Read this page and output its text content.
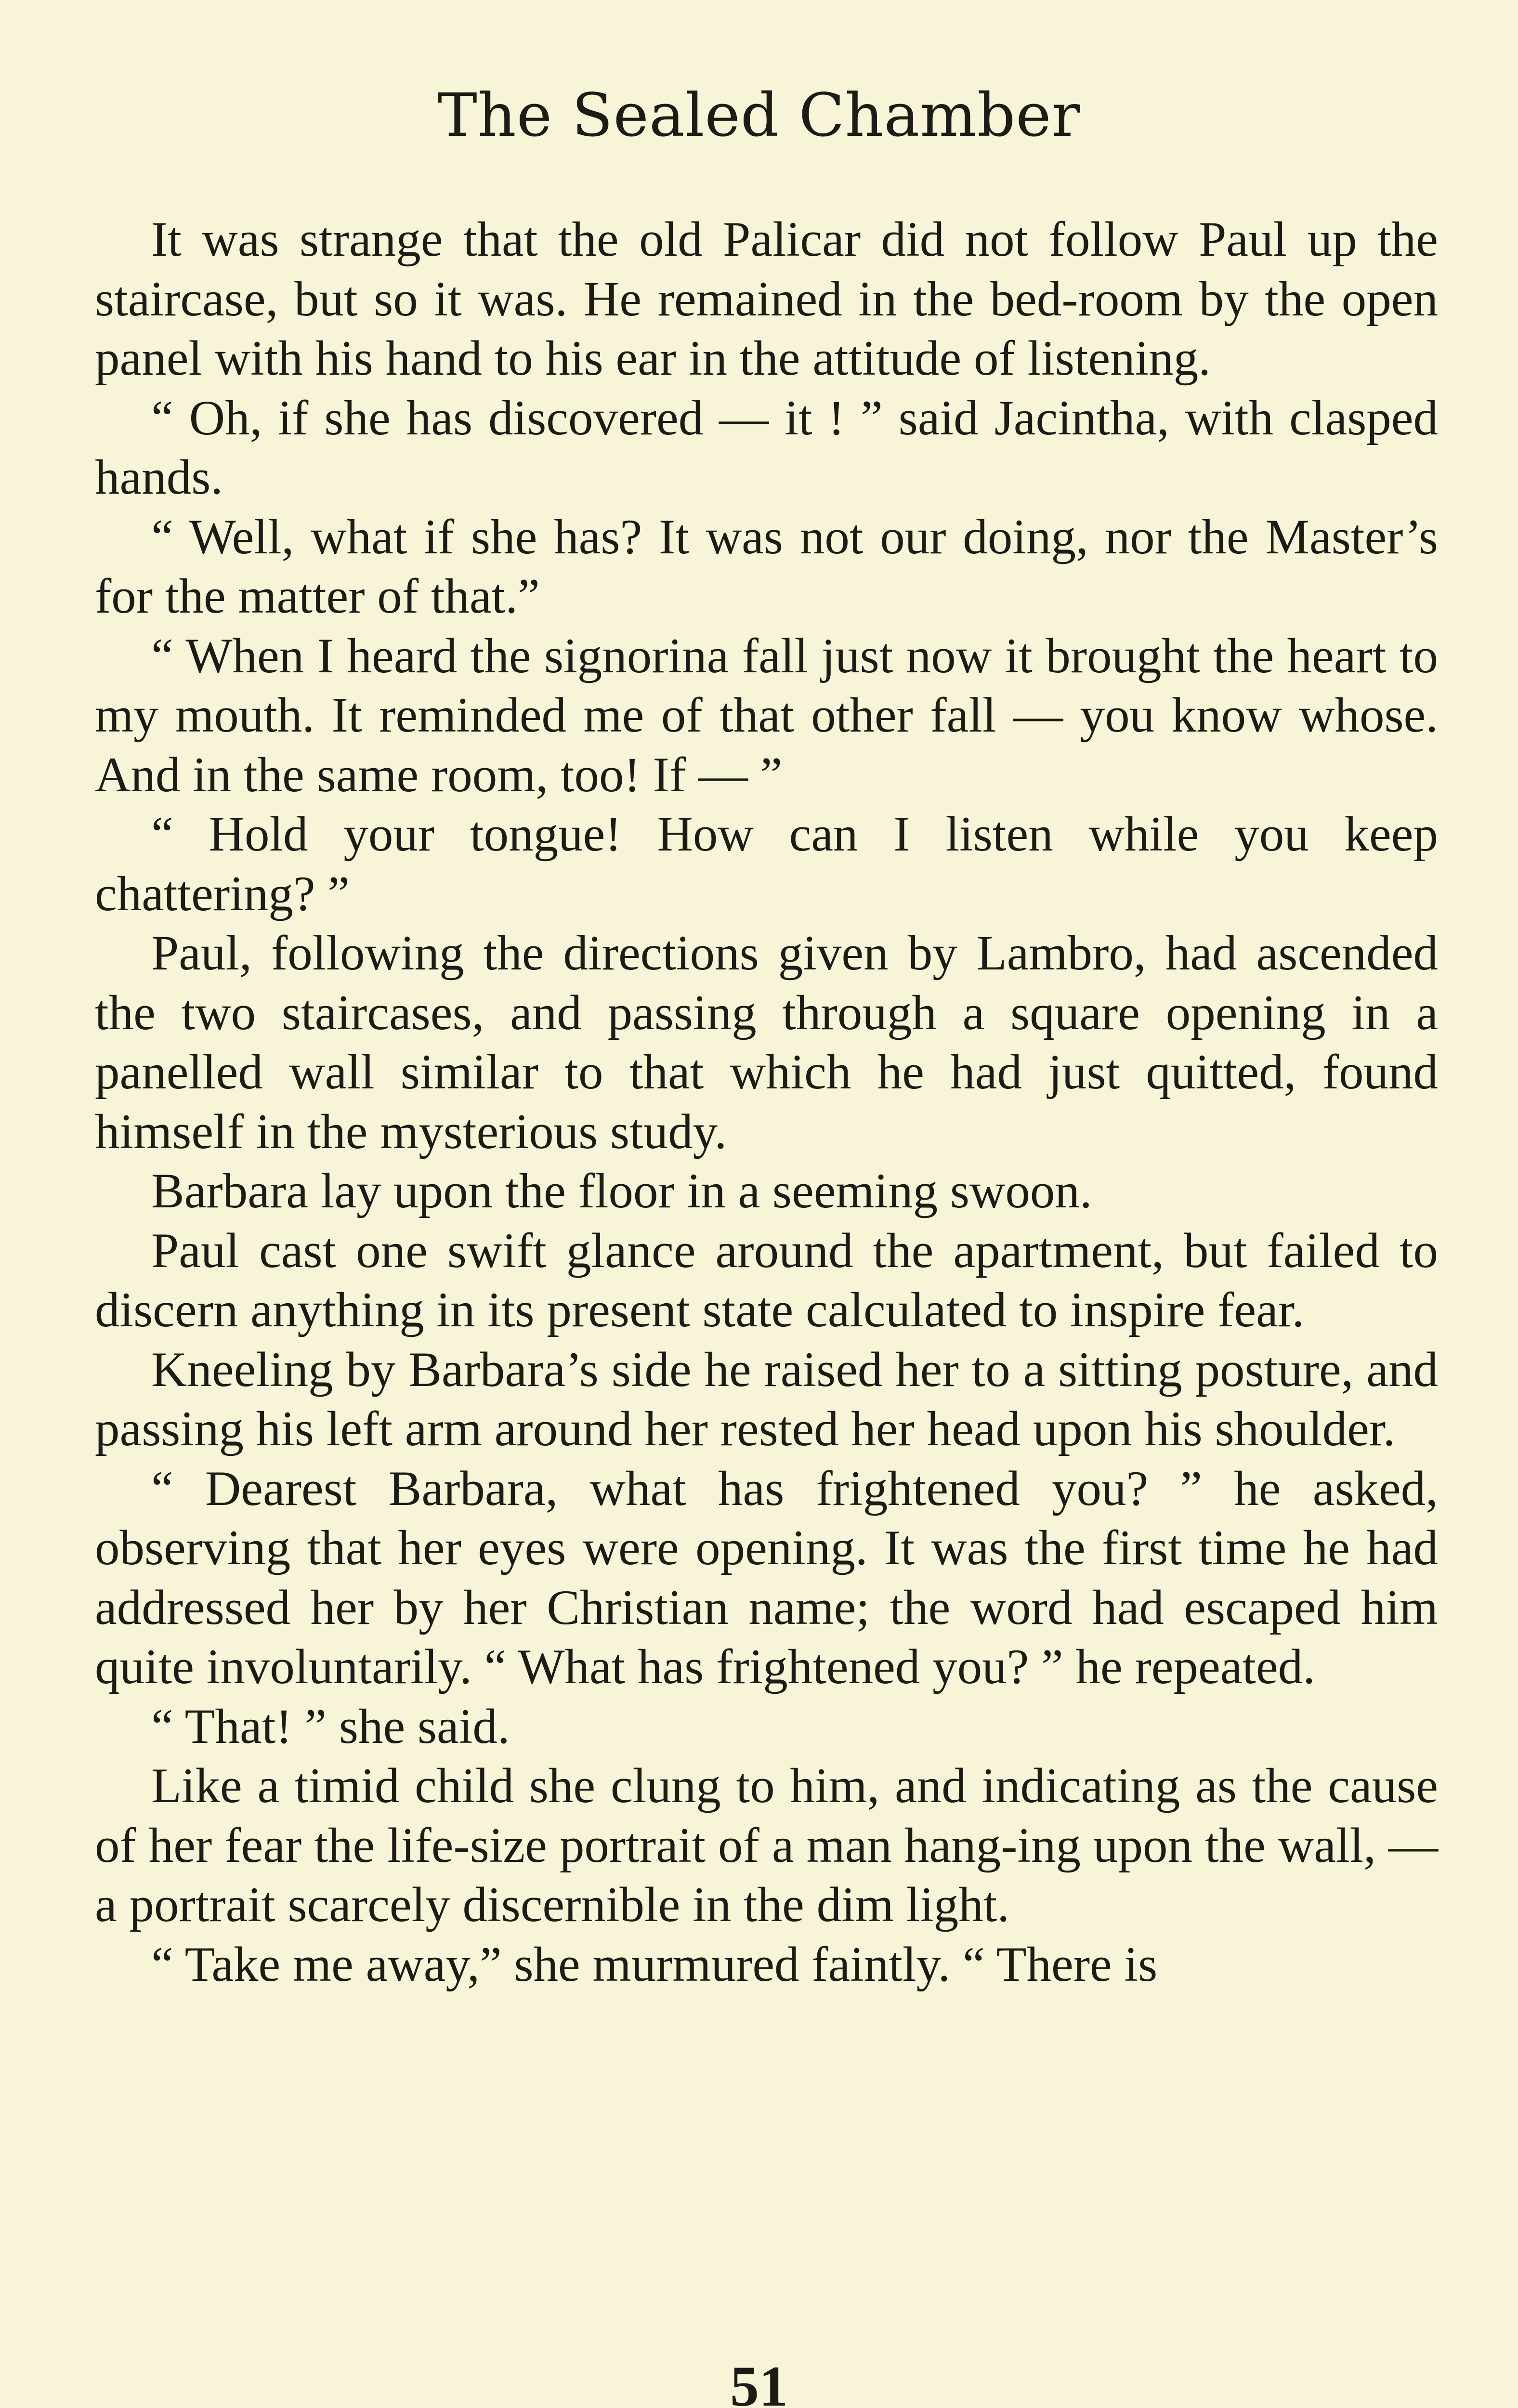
The Sealed Chamber

It was strange that the old Palicar did not follow Paul up the staircase, but so it was. He remained in the bed-room by the open panel with his hand to his ear in the attitude of listening.

“ Oh, if she has discovered — it ! ” said Jacintha, with clasped hands.

“ Well, what if she has? It was not our doing, nor the Master’s for the matter of that.”

“ When I heard the signorina fall just now it brought the heart to my mouth. It reminded me of that other fall — you know whose. And in the same room, too! If — ”

“ Hold your tongue! How can I listen while you keep chattering? ”

Paul, following the directions given by Lambro, had ascended the two staircases, and passing through a square opening in a panelled wall similar to that which he had just quitted, found himself in the mysterious study.

Barbara lay upon the floor in a seeming swoon.

Paul cast one swift glance around the apartment, but failed to discern anything in its present state calculated to inspire fear.

Kneeling by Barbara’s side he raised her to a sitting posture, and passing his left arm around her rested her head upon his shoulder.

“ Dearest Barbara, what has frightened you? ” he asked, observing that her eyes were opening. It was the first time he had addressed her by her Christian name; the word had escaped him quite involuntarily. “ What has frightened you? ” he repeated.

“ That! ” she said.

Like a timid child she clung to him, and indicating as the cause of her fear the life-size portrait of a man hang-ing upon the wall, — a portrait scarcely discernible in the dim light.

“ Take me away,” she murmured faintly. “ There is

51
